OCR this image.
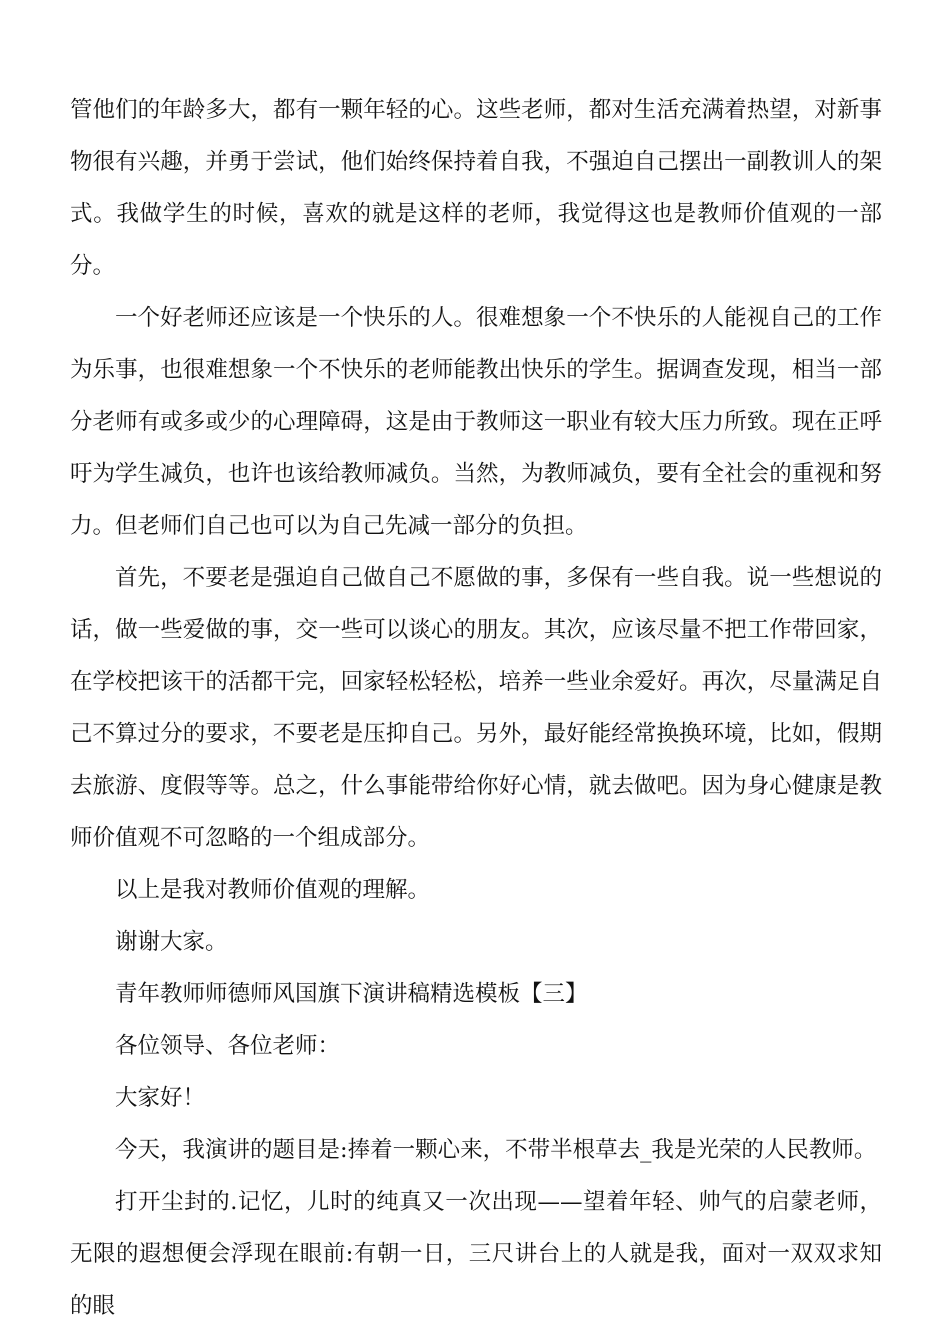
管他们的年龄多大，都有一颗年轻的心。这些老师，都对生活充满着热望，对新事物很有兴趣，并勇于尝试，他们始终保持着自我，不强迫自己摆出一副教训人的架式。我做学生的时候，喜欢的就是这样的老师，我觉得这也是教师价值观的一部分。

一个好老师还应该是一个快乐的人。很难想象一个不快乐的人能视自己的工作为乐事，也很难想象一个不快乐的老师能教出快乐的学生。据调查发现，相当一部分老师有或多或少的心理障碍，这是由于教师这一职业有较大压力所致。现在正呼吁为学生减负，也许也该给教师减负。当然，为教师减负，要有全社会的重视和努力。但老师们自己也可以为自己先减一部分的负担。

首先，不要老是强迫自己做自己不愿做的事，多保有一些自我。说一些想说的话，做一些爱做的事，交一些可以谈心的朋友。其次，应该尽量不把工作带回家，在学校把该干的活都干完，回家轻松轻松，培养一些业余爱好。再次，尽量满足自己不算过分的要求，不要老是压抑自己。另外，最好能经常换换环境，比如，假期去旅游、度假等等。总之，什么事能带给你好心情，就去做吧。因为身心健康是教师价值观不可忽略的一个组成部分。

以上是我对教师价值观的理解。

谢谢大家。

青年教师师德师风国旗下演讲稿精选模板【三】

各位领导、各位老师：

大家好！

今天，我演讲的题目是:捧着一颗心来，不带半根草去_我是光荣的人民教师。

打开尘封的.记忆，儿时的纯真又一次出现——望着年轻、帅气的启蒙老师，无限的遐想便会浮现在眼前:有朝一日，三尺讲台上的人就是我，面对一双双求知的眼
